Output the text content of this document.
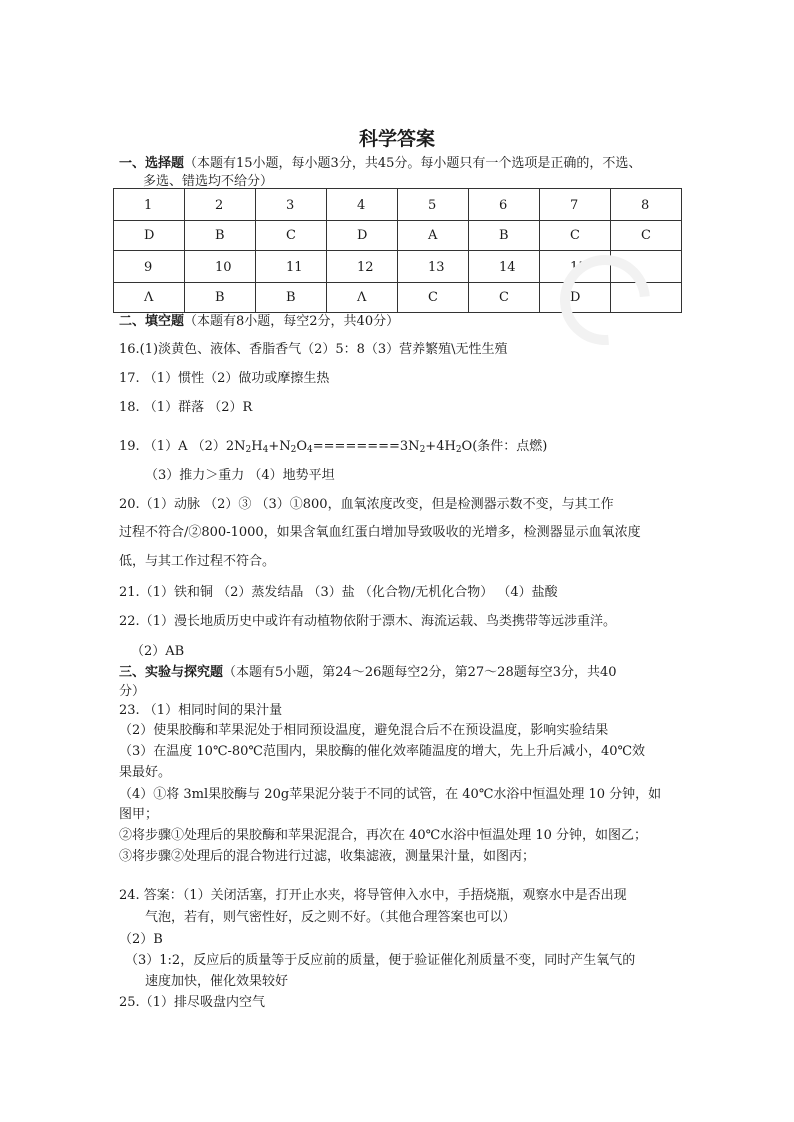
科学答案
一、选择题（本题有15小题，每小题3分，共45分。每小题只有一个选项是正确的，不选、
多选、错选均不给分）
1	2	3	4	5	6	7	8
D	B	C	D	A	B	C	C
9	10	11	12	13	14	15	
Λ	B	B	Λ	C	C	D	
二、填空题（本题有8小题，每空2分，共40分）
16.(1)淡黄色、液体、香脂香气（2）5：8（3）营养繁殖\无性生殖
17. （1）惯性（2）做功或摩擦生热
18. （1）群落 （2）R
19. （1）A $(2)2N_2H_4+N_2O_4========3N_2+4H_2O$(条件：点燃)
（3）推力＞重力 （4）地势平坦
20.（1）动脉 （2）③ （3）①800，血氧浓度改变，但是检测器示数不变，与其工作
过程不符合/②800-1000，如果含氧血红蛋白增加导致吸收的光增多，检测器显示血氧浓度
低，与其工作过程不符合。
21.（1）铁和铜 （2）蒸发结晶 （3）盐 （化合物/无机化合物） （4）盐酸
22.（1）漫长地质历史中或许有动植物依附于漂木、海流运载、鸟类携带等远涉重洋。
（2）AB
三、实验与探究题（本题有5小题，第24～26题每空2分，第27～28题每空3分，共40
分）
23. （1）相同时间的果汁量
（2）使果胶酶和苹果泥处于相同预设温度，避免混合后不在预设温度，影响实验结果
（3）在温度 10℃-80℃范围内，果胶酶的催化效率随温度的增大，先上升后减小，40℃效
果最好。
（4）①将 3ml果胶酶与 20g苹果泥分装于不同的试管，在 40℃水浴中恒温处理 10 分钟，如
图甲；
②将步骤①处理后的果胶酶和苹果泥混合，再次在 40℃水浴中恒温处理 10 分钟，如图乙；
③将步骤②处理后的混合物进行过滤，收集滤液，测量果汁量，如图丙；
24. 答案：（1）关闭活塞，打开止水夹，将导管伸入水中，手捂烧瓶，观察水中是否出现
气泡，若有，则气密性好，反之则不好。（其他合理答案也可以）
（2）B
（3）1:2，反应后的质量等于反应前的质量，便于验证催化剂质量不变，同时产生氧气的
速度加快，催化效果较好
25.（1）排尽吸盘内空气
